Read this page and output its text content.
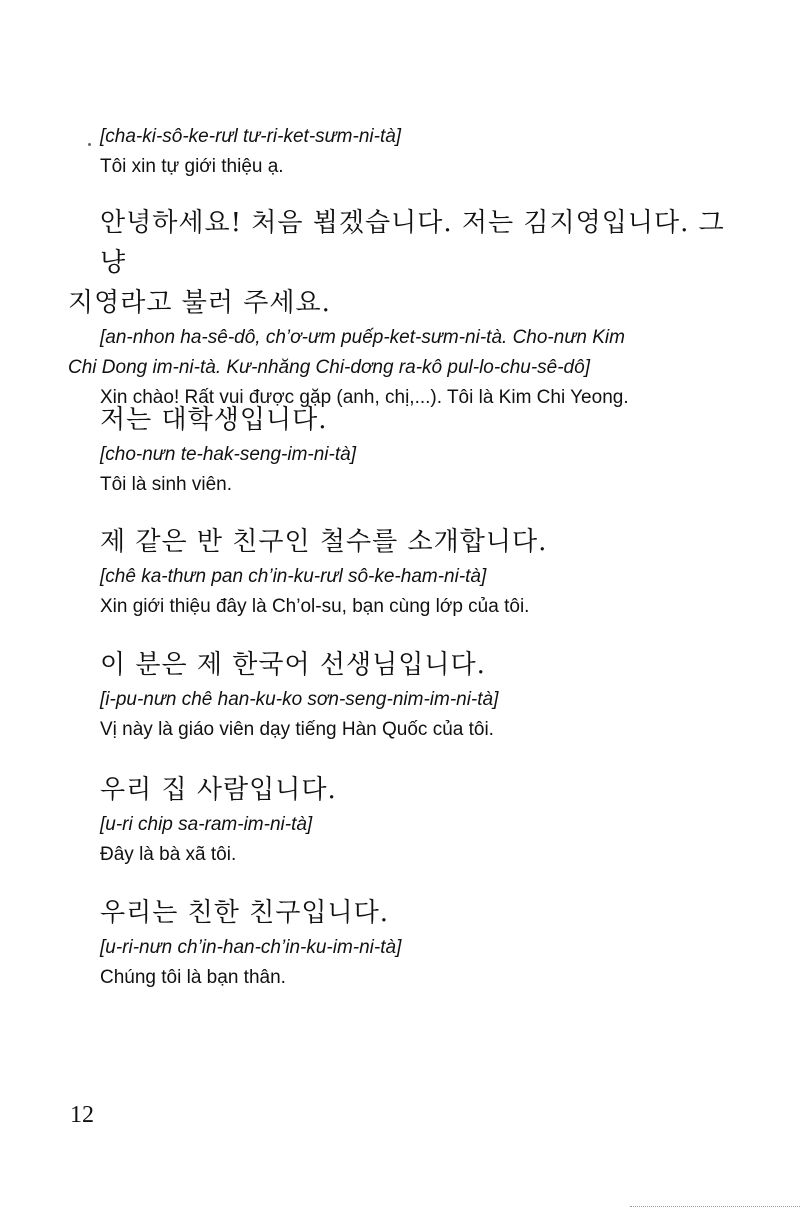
[cha-ki-sô-ke-rưl tư-ri-ket-sưm-ni-tà]

Tôi xin tự giới thiệu ạ.

안녕하세요! 처음 뵙겠습니다. 저는 김지영입니다. 그냥
지영라고 불러 주세요.

[an-nhon ha-sê-dô, ch’ơ-ưm puếp-ket-sưm-ni-tà. Cho-nưn Kim
Chi Dong im-ni-tà. Kư-nhăng Chi-dơng ra-kô pul-lo-chu-sê-dô]

Xin chào! Rất vui được gặp (anh, chị,...). Tôi là Kim Chi Yeong.

저는 대학생입니다.

[cho-nưn te-hak-seng-im-ni-tà]

Tôi là sinh viên.

제 같은 반 친구인 철수를 소개합니다.

[chê ka-thưn pan ch’in-ku-rưl sô-ke-ham-ni-tà]

Xin giới thiệu đây là Ch’ol-su, bạn cùng lớp của tôi.

이 분은 제 한국어 선생님입니다.

[i-pu-nưn chê han-ku-ko sơn-seng-nim-im-ni-tà]

Vị này là giáo viên dạy tiếng Hàn Quốc của tôi.

우리 집 사람입니다.

[u-ri chip sa-ram-im-ni-tà]

Đây là bà xã tôi.

우리는 친한 친구입니다.

[u-ri-nưn ch’in-han-ch’in-ku-im-ni-tà]

Chúng tôi là bạn thân.

12
